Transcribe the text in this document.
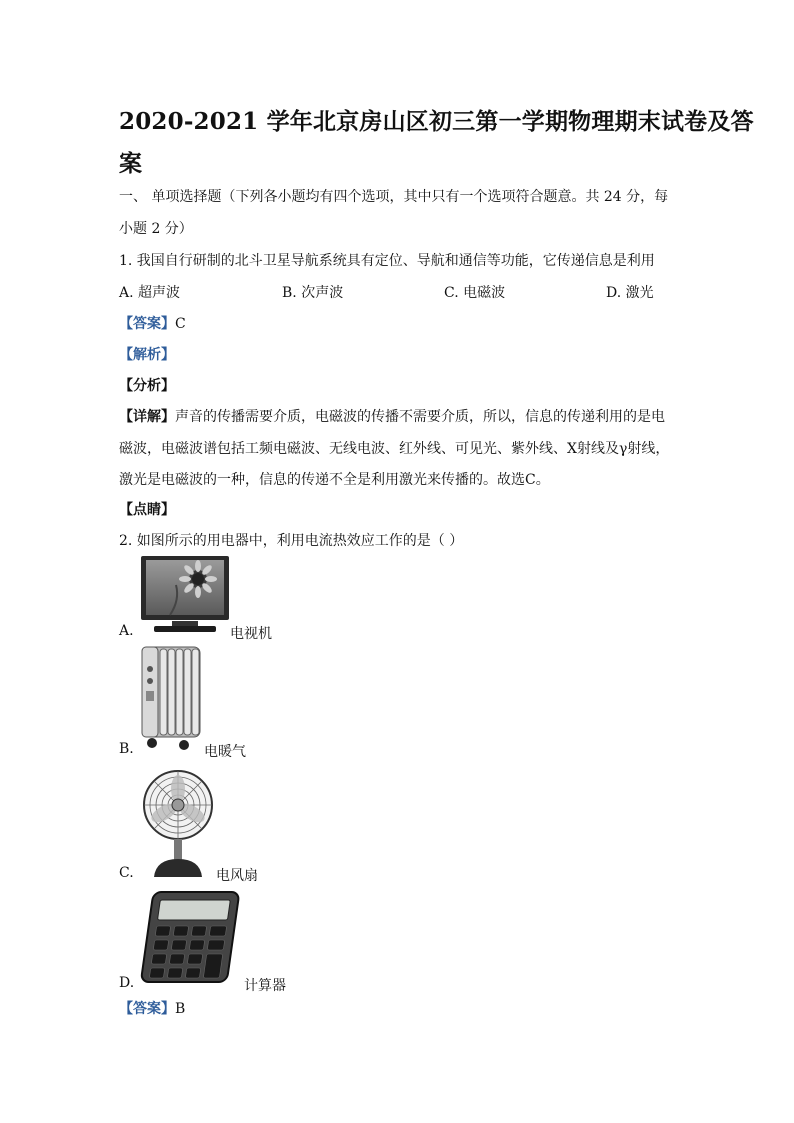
2020-2021 学年北京房山区初三第一学期物理期末试卷及答
案
一、 单项选择题（下列各小题均有四个选项，其中只有一个选项符合题意。共 24 分，每
小题 2 分）
1. 我国自行研制的北斗卫星导航系统具有定位、导航和通信等功能，它传递信息是利用
A. 超声波	B. 次声波	C. 电磁波	D. 激光
【答案】C
【解析】
【分析】
【详解】声音的传播需要介质，电磁波的传播不需要介质，所以，信息的传递利用的是电
磁波，电磁波谱包括工频电磁波、无线电波、红外线、可见光、紫外线、X射线及γ射线，
激光是电磁波的一种，信息的传递不全是利用激光来传播的。故选C。
【点睛】
2. 如图所示的用电器中，利用电流热效应工作的是（ ）
A.	电视机
B.	电暖气
C.	电风扇
D.	计算器
【答案】B
